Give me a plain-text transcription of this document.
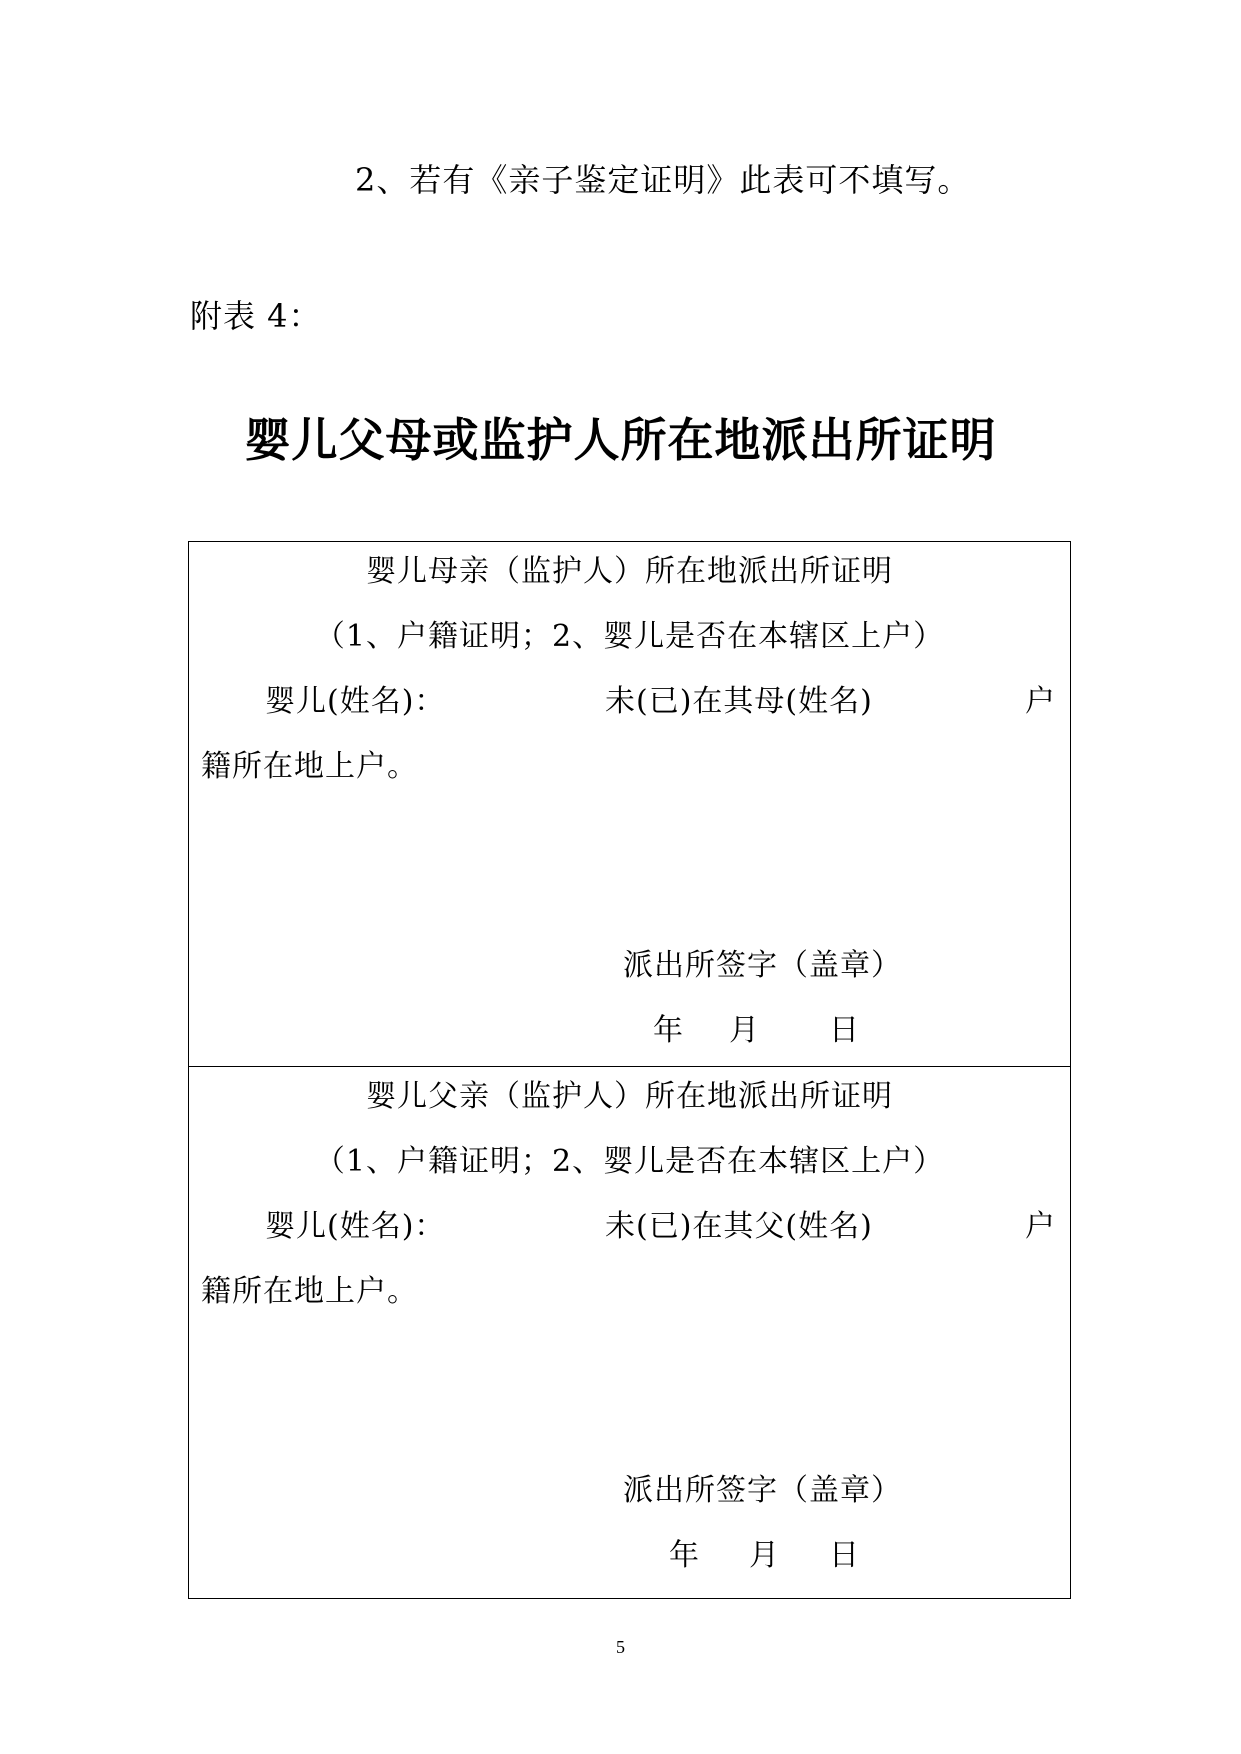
2、若有《亲子鉴定证明》此表可不填写。
附表 4：
婴儿父母或监护人所在地派出所证明
婴儿母亲（监护人）所在地派出所证明
（1、户籍证明；2、婴儿是否在本辖区上户）
婴儿(姓名)：	未(已)在其母(姓名)	户
籍所在地上户。
派出所签字（盖章）
年 月 日
婴儿父亲（监护人）所在地派出所证明
（1、户籍证明；2、婴儿是否在本辖区上户）
婴儿(姓名)：	未(已)在其父(姓名)	户
籍所在地上户。
派出所签字（盖章）
年 月 日
5
